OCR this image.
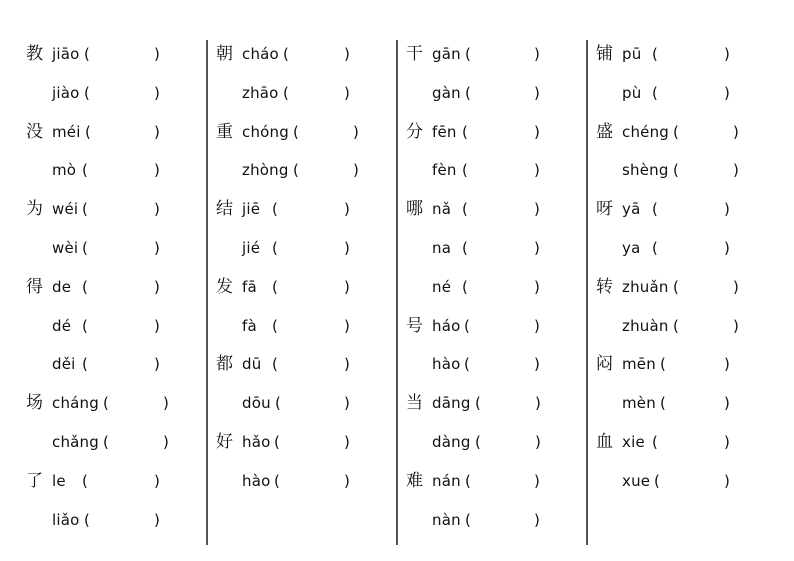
教 jiāo (	)
jiào (	)
没 méi (	)
mò (	)
为 wéi (	)
wèi (	)
得 de (	)
dé (	)
děi (	)
场 cháng (	)
chǎng (	)
了 le (	)
liǎo (	)
朝 cháo (	)
zhāo (	)
重 chóng (	)
zhòng (	)
结 jiē (	)
jié (	)
发 fā (	)
fà (	)
都 dū (	)
dōu (	)
好 hǎo (	)
hào (	)
干 gān (	)
gàn (	)
分 fēn (	)
fèn (	)
哪 nǎ (	)
na (	)
né (	)
号 háo (	)
hào (	)
当 dāng (	)
dàng (	)
难 nán (	)
nàn (	)
铺 pū (	)
pù (	)
盛 chéng (	)
shèng (	)
呀 yā (	)
ya (	)
转 zhuǎn (	)
zhuàn (	)
闷 mēn (	)
mèn (	)
血 xie (	)
xue (	)
